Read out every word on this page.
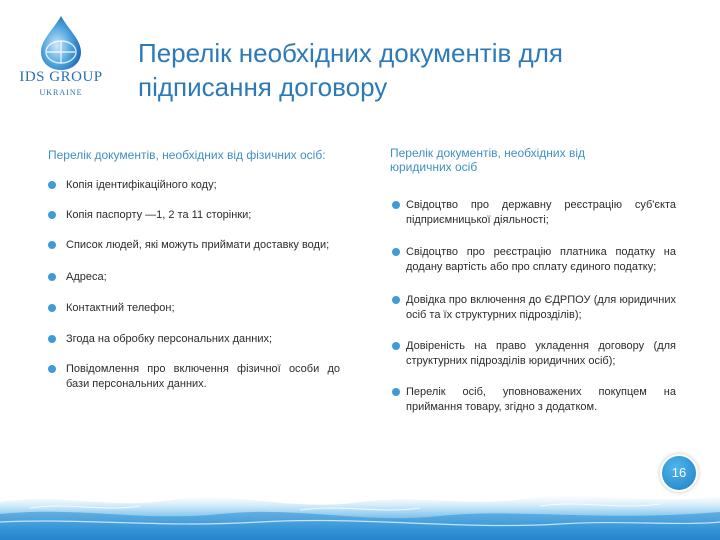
IDS GROUP
UKRAINE
Перелік необхідних документів для підписання договору
Перелік документів, необхідних від фізичних осіб:
Копія ідентифікаційного коду;
Копія паспорту —1, 2 та 11 сторінки;
Список людей, які можуть приймати доставку води;
Адреса;
Контактний телефон;
Згода на обробку персональних данних;
Повідомлення про включення фізичної особи до бази персональних данних.
Перелік документів, необхідних від юридичних осіб
Свідоцтво про державну реєстрацію суб'єкта підприємницької діяльності;
Свідоцтво про реєстрацію платника податку на додану вартість або про сплату єдиного податку;
Довідка про включення до ЄДРПОУ (для юридичних осіб та їх структурних підрозділів);
Довіреність на право укладення договору (для структурних підрозділів юридичних осіб);
Перелік осіб, уповноважених покупцем на приймання товару, згідно з додатком.
16
